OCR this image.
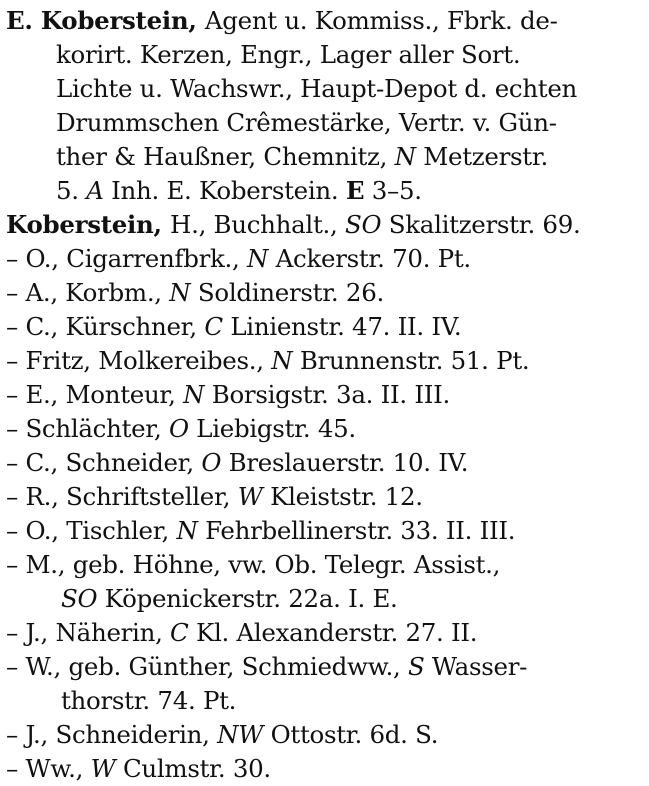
E. Koberstein, Agent u. Kommiss., Fbrk. de-
korirt. Kerzen, Engr., Lager aller Sort.
Lichte u. Wachswr., Haupt-Depot d. echten
Drummschen Crêmestärke, Vertr. v. Gün-
ther & Haußner, Chemnitz, N Metzerstr.
5. A Inh. E. Koberstein. E 3–5.
Koberstein, H., Buchhalt., SO Skalitzerstr. 69.
– O., Cigarrenfbrk., N Ackerstr. 70. Pt.
– A., Korbm., N Soldinerstr. 26.
– C., Kürschner, C Linienstr. 47. II. IV.
– Fritz, Molkereibes., N Brunnenstr. 51. Pt.
– E., Monteur, N Borsigstr. 3a. II. III.
– Schlächter, O Liebigstr. 45.
– C., Schneider, O Breslauerstr. 10. IV.
– R., Schriftsteller, W Kleiststr. 12.
– O., Tischler, N Fehrbellinerstr. 33. II. III.
– M., geb. Höhne, vw. Ob. Telegr. Assist.,
SO Köpenickerstr. 22a. I. E.
– J., Näherin, C Kl. Alexanderstr. 27. II.
– W., geb. Günther, Schmiedww., S Wasser-
thorstr. 74. Pt.
– J., Schneiderin, NW Ottostr. 6d. S.
– Ww., W Culmstr. 30.
